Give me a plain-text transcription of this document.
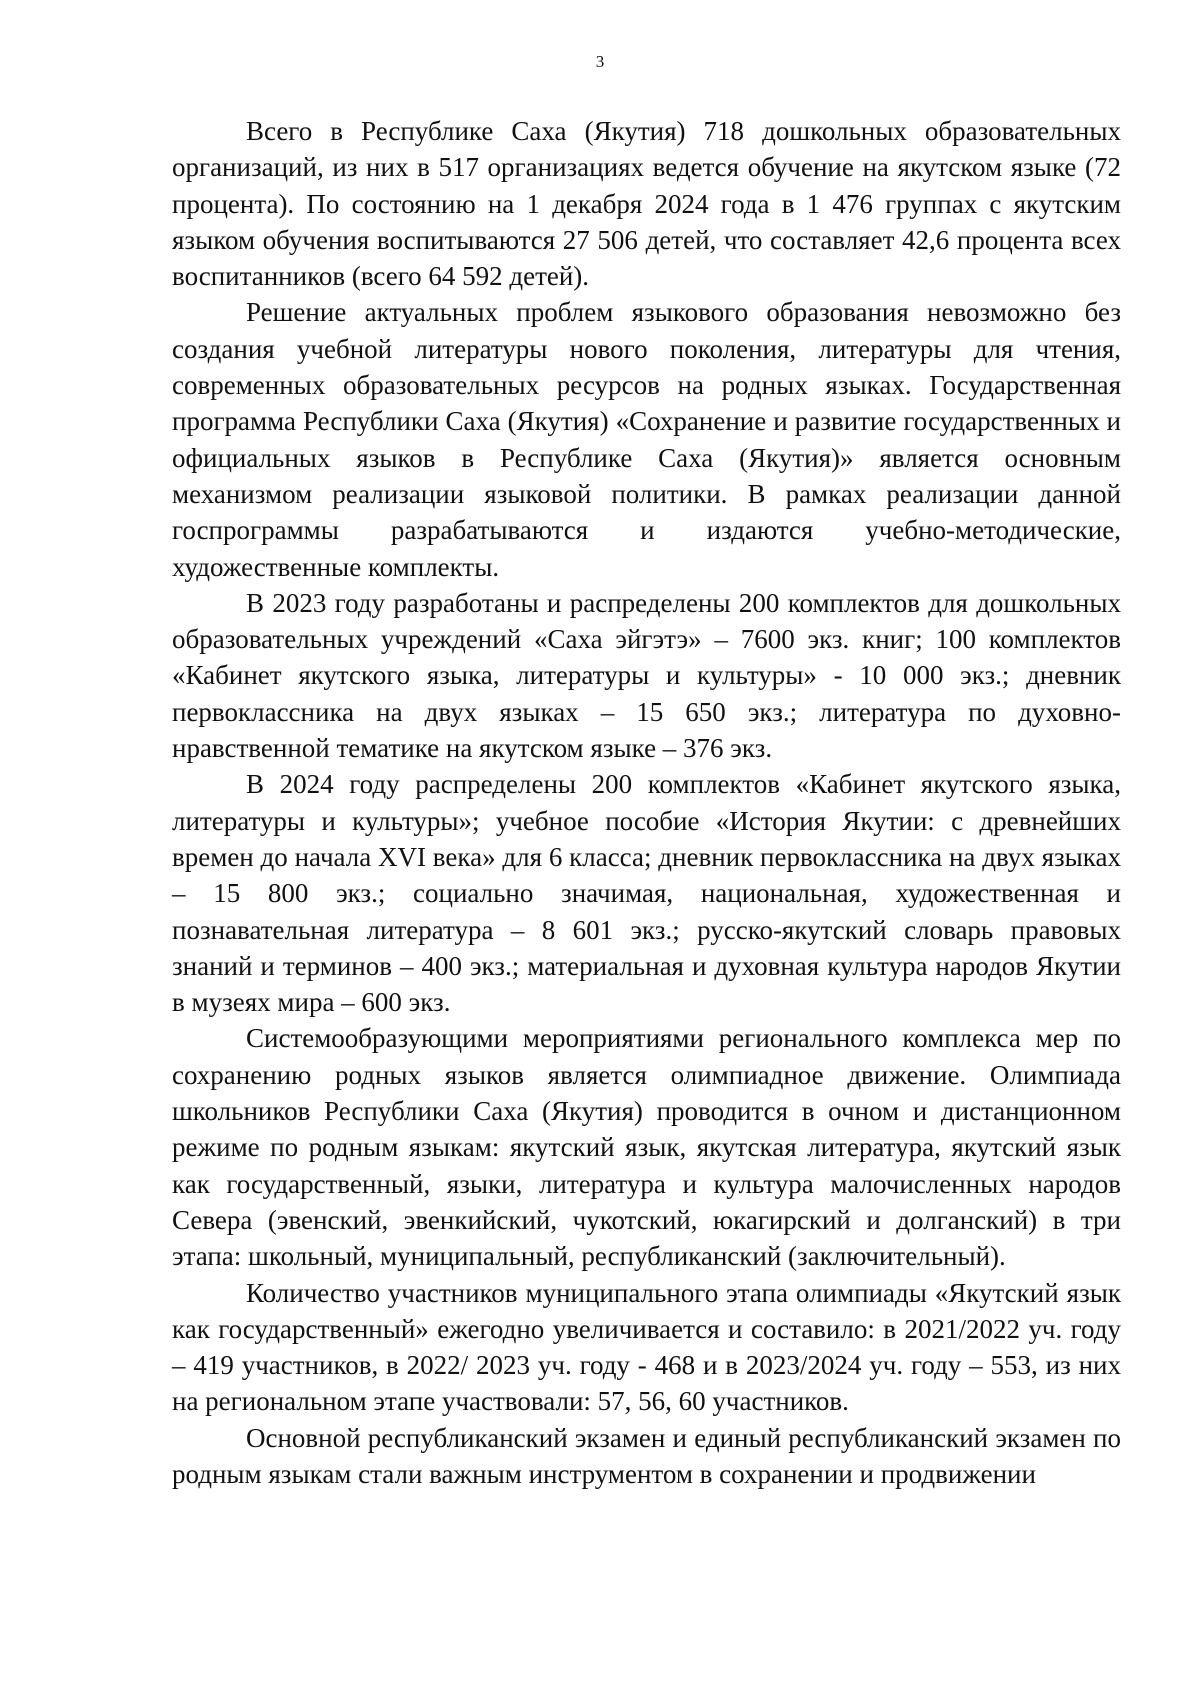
3

Всего в Республике Саха (Якутия) 718 дошкольных образовательных организаций, из них в 517 организациях ведется обучение на якутском языке (72 процента). По состоянию на 1 декабря 2024 года в 1 476 группах с якутским языком обучения воспитываются 27 506 детей, что составляет 42,6 процента всех воспитанников (всего 64 592 детей).

Решение актуальных проблем языкового образования невозможно без создания учебной литературы нового поколения, литературы для чтения, современных образовательных ресурсов на родных языках. Государственная программа Республики Саха (Якутия) «Сохранение и развитие государственных и официальных языков в Республике Саха (Якутия)» является основным механизмом реализации языковой политики. В рамках реализации данной госпрограммы разрабатываются и издаются учебно-методические, художественные комплекты.

В 2023 году разработаны и распределены 200 комплектов для дошкольных образовательных учреждений «Саха эйгэтэ» – 7600 экз. книг; 100 комплектов «Кабинет якутского языка, литературы и культуры» - 10 000 экз.; дневник первоклассника на двух языках – 15 650 экз.; литература по духовно-нравственной тематике на якутском языке – 376 экз.

В 2024 году распределены 200 комплектов «Кабинет якутского языка, литературы и культуры»; учебное пособие «История Якутии: с древнейших времен до начала XVI века» для 6 класса; дневник первоклассника на двух языках – 15 800 экз.; социально значимая, национальная, художественная и познавательная литература – 8 601 экз.; русско-якутский словарь правовых знаний и терминов – 400 экз.; материальная и духовная культура народов Якутии в музеях мира – 600 экз.

Системообразующими мероприятиями регионального комплекса мер по сохранению родных языков является олимпиадное движение. Олимпиада школьников Республики Саха (Якутия) проводится в очном и дистанционном режиме по родным языкам: якутский язык, якутская литература, якутский язык как государственный, языки, литература и культура малочисленных народов Севера (эвенский, эвенкийский, чукотский, юкагирский и долганский) в три этапа: школьный, муниципальный, республиканский (заключительный).

Количество участников муниципального этапа олимпиады «Якутский язык как государственный» ежегодно увеличивается и составило: в 2021/2022 уч. году – 419 участников, в 2022/ 2023 уч. году - 468 и в 2023/2024 уч. году – 553, из них на региональном этапе участвовали: 57, 56, 60 участников.

Основной республиканский экзамен и единый республиканский экзамен по родным языкам стали важным инструментом в сохранении и продвижении
